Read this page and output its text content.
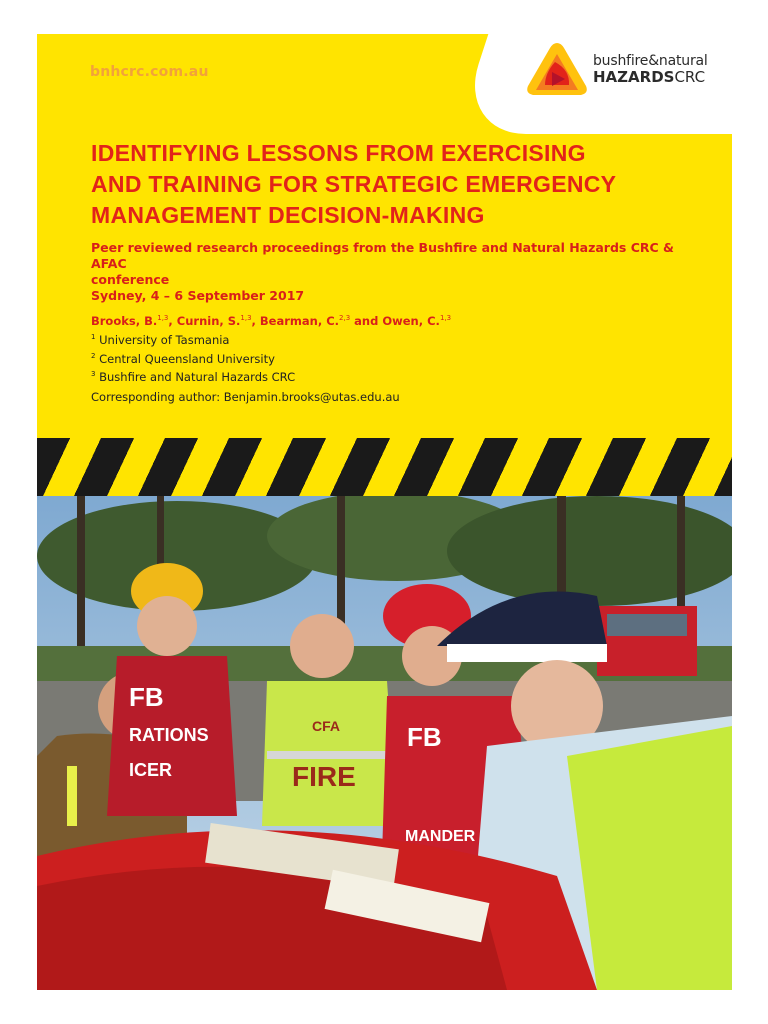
bnhcrc.com.au
bushfire&natural
HAZARDSCRC
IDENTIFYING LESSONS FROM EXERCISING
AND TRAINING FOR STRATEGIC EMERGENCY
MANAGEMENT DECISION-MAKING

Peer reviewed research proceedings from the Bushfire and Natural Hazards CRC & AFAC
conference
Sydney, 4 – 6 September 2017

Brooks, B.$^{1,3}$, Curnin, S.$^{1,3}$, Bearman, C.$^{2,3}$ and Owen, C.$^{1,3}$

$^1$ University of Tasmania

$^2$ Central Queensland University

$^3$ Bushfire and Natural Hazards CRC

Corresponding author: Benjamin.brooks@utas.edu.au
FB
RATIONS
ICER
CFA
FIRE
FB
MANDER
